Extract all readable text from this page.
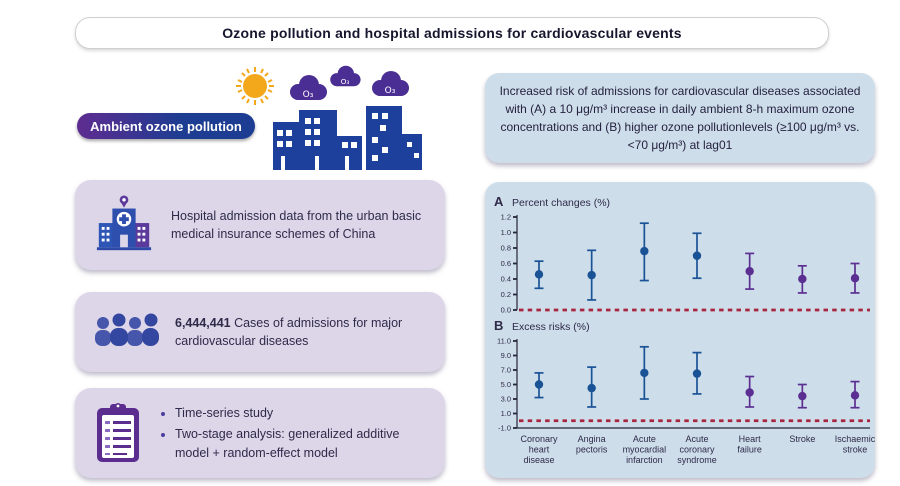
Ozone pollution and hospital admissions for cardiovascular events
O₃
O₃
O₃
Ambient ozone pollution
Hospital admission data from the urban basic medical insurance schemes of China
6,444,441 Cases of admissions for major cardiovascular diseases
• Time-series study
• Two-stage analysis: generalized additive model + random-effect model

Increased risk of admissions for cardiovascular diseases associated with (A) a 10 μg/m³ increase in daily ambient 8-h maximum ozone concentrations and (B) higher ozone pollutionlevels (≥100 μg/m³ vs.<70 μg/m³) at lag01

A Percent changes (%)
1.2
1.0
0.8
0.6
0.4
0.2
0.0
B Excess risks (%)
11.0
9.0
7.0
5.0
3.0
1.0
-1.0
Coronary heart disease
Angina pectoris
Acute myocardial infarction
Acute coronary syndrome
Heart failure
Stroke Ischaemic stroke
